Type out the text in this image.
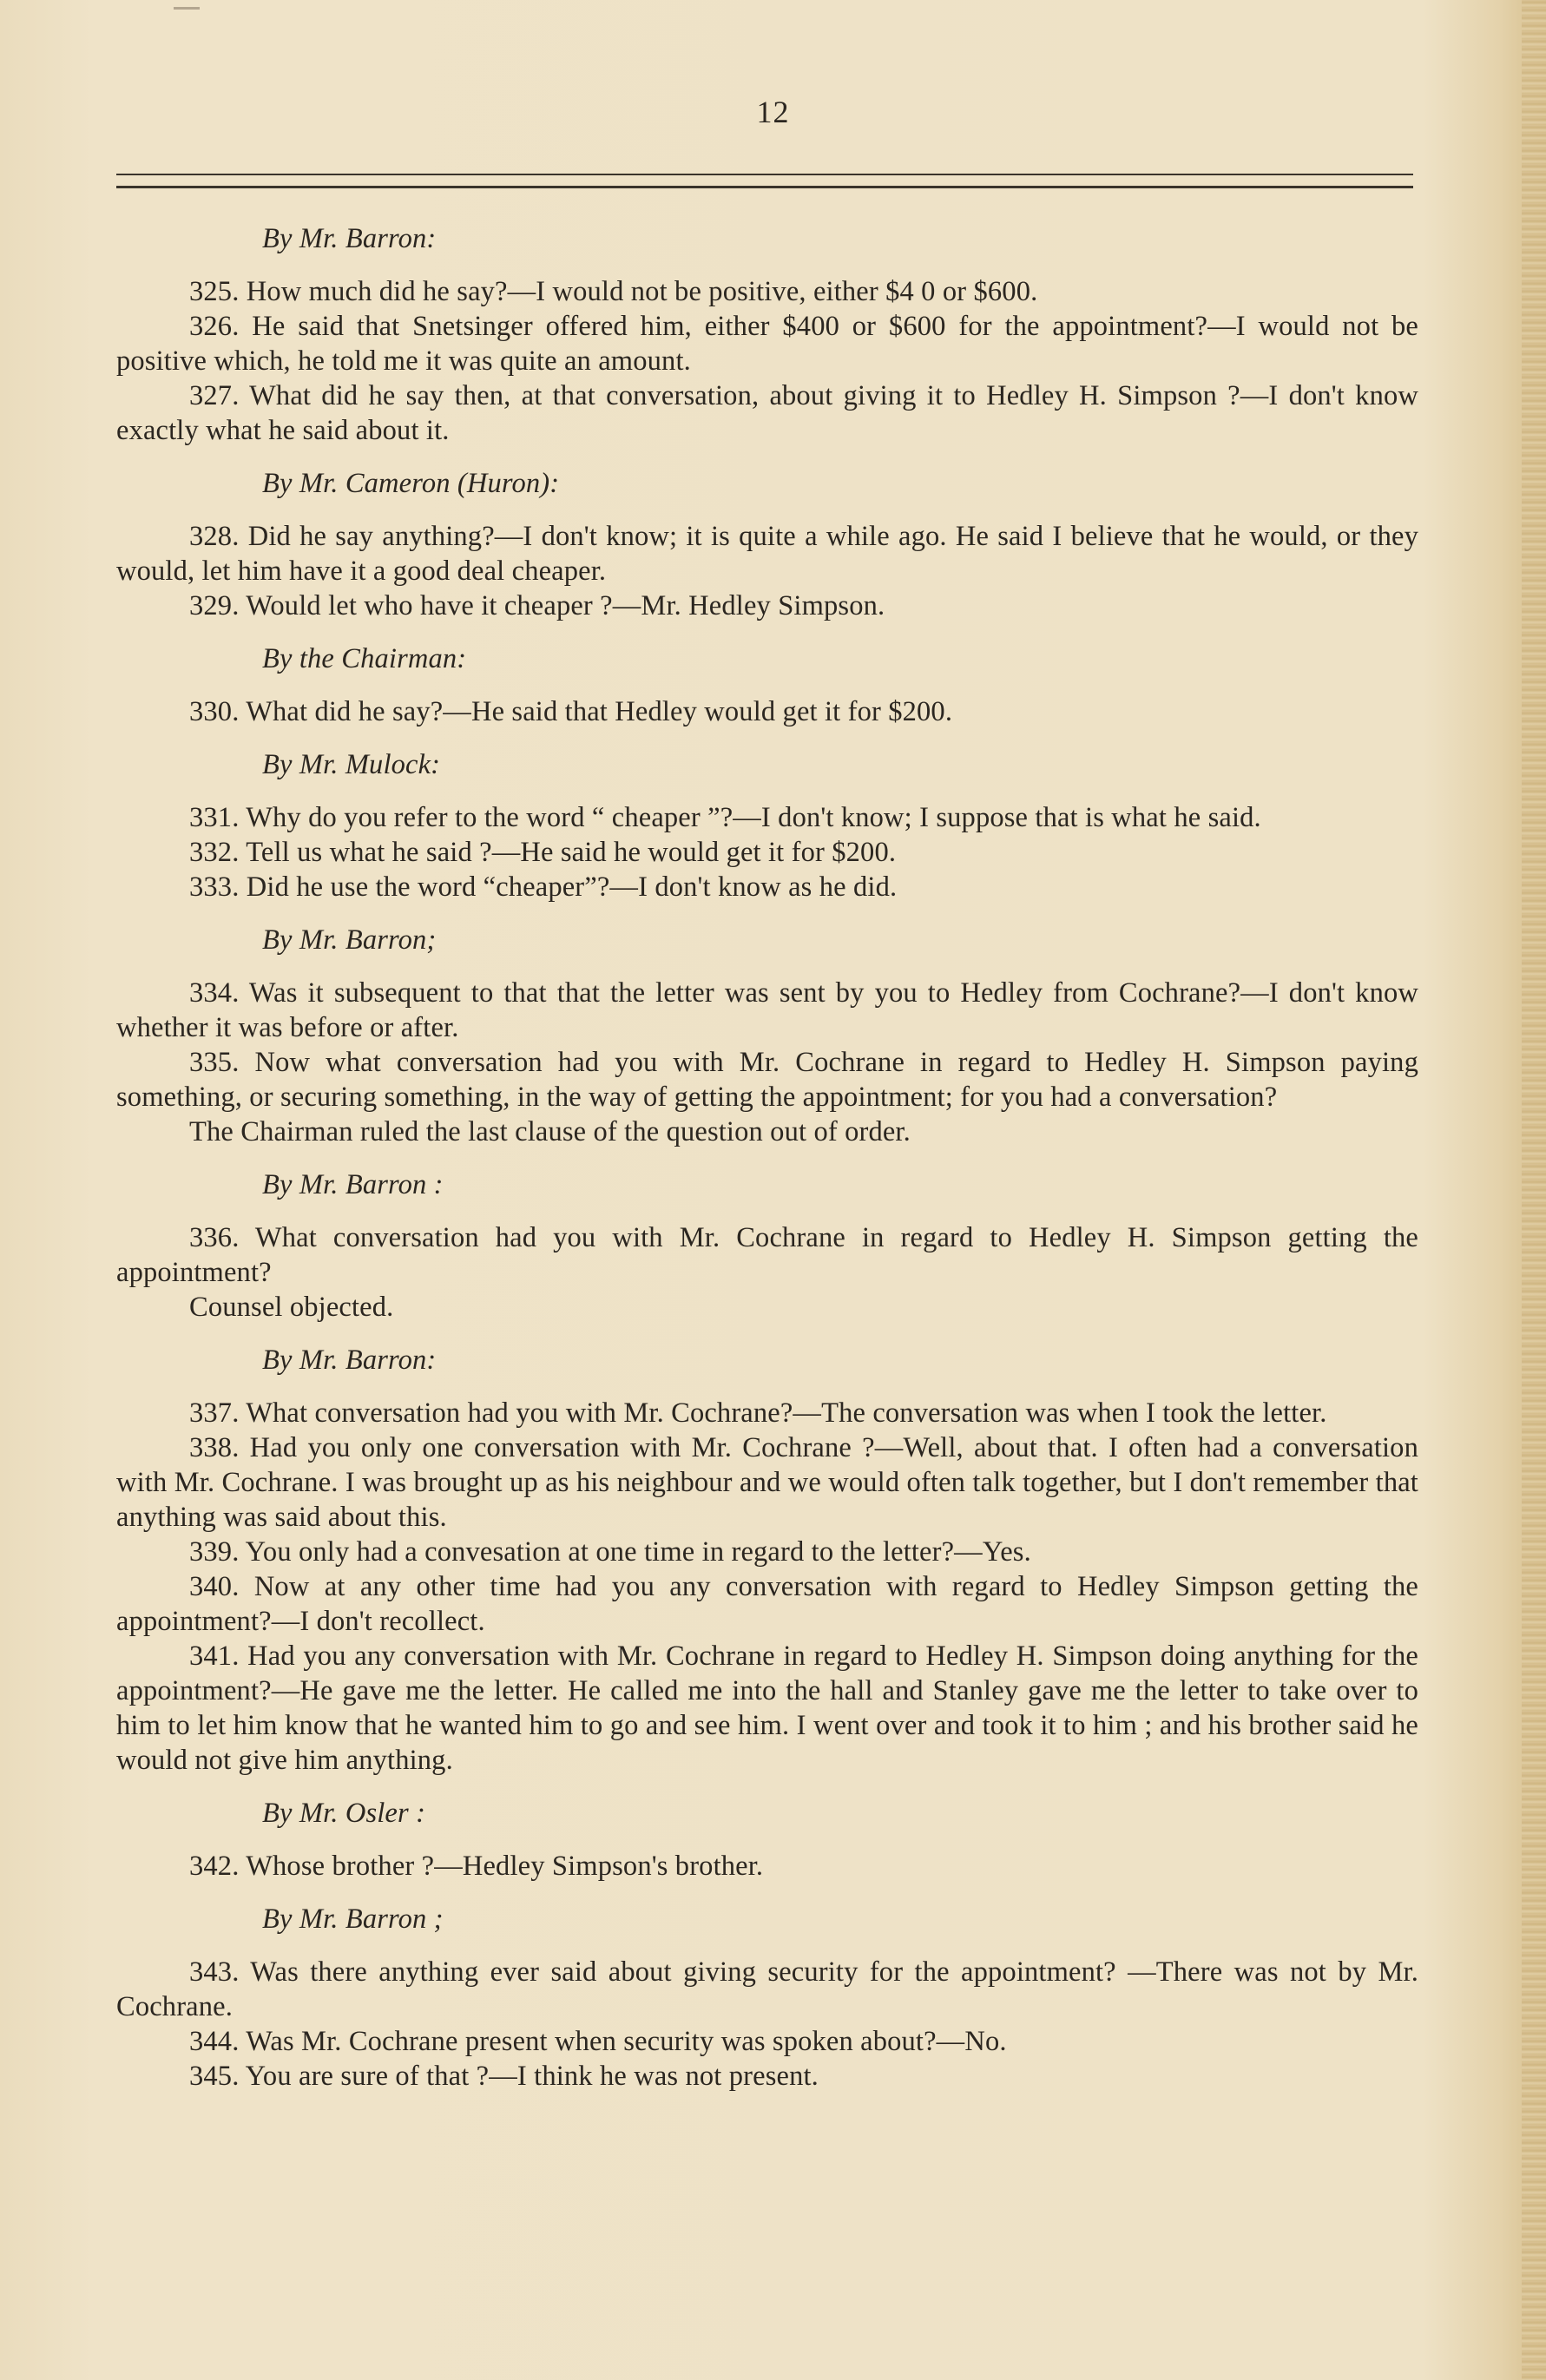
12
By Mr. Barron:

325. How much did he say?—I would not be positive, either $4 0 or $600.

326. He said that Snetsinger offered him, either $400 or $600 for the appointment?—I would not be positive which, he told me it was quite an amount.

327. What did he say then, at that conversation, about giving it to Hedley H. Simpson ?—I don't know exactly what he said about it.

By Mr. Cameron (Huron):

328. Did he say anything?—I don't know; it is quite a while ago. He said I believe that he would, or they would, let him have it a good deal cheaper.

329. Would let who have it cheaper ?—Mr. Hedley Simpson.

By the Chairman:

330. What did he say?—He said that Hedley would get it for $200.

By Mr. Mulock:

331. Why do you refer to the word “ cheaper ”?—I don't know; I suppose that is what he said.

332. Tell us what he said ?—He said he would get it for $200.

333. Did he use the word “cheaper”?—I don't know as he did.

By Mr. Barron;

334. Was it subsequent to that that the letter was sent by you to Hedley from Cochrane?—I don't know whether it was before or after.

335. Now what conversation had you with Mr. Cochrane in regard to Hedley H. Simpson paying something, or securing something, in the way of getting the appointment; for you had a conversation?

The Chairman ruled the last clause of the question out of order.

By Mr. Barron :

336. What conversation had you with Mr. Cochrane in regard to Hedley H. Simpson getting the appointment?

Counsel objected.

By Mr. Barron:

337. What conversation had you with Mr. Cochrane?—The conversation was when I took the letter.

338. Had you only one conversation with Mr. Cochrane ?—Well, about that. I often had a conversation with Mr. Cochrane. I was brought up as his neighbour and we would often talk together, but I don't remember that anything was said about this.

339. You only had a convesation at one time in regard to the letter?—Yes.

340. Now at any other time had you any conversation with regard to Hedley Simpson getting the appointment?—I don't recollect.

341. Had you any conversation with Mr. Cochrane in regard to Hedley H. Simpson doing anything for the appointment?—He gave me the letter. He called me into the hall and Stanley gave me the letter to take over to him to let him know that he wanted him to go and see him. I went over and took it to him ; and his brother said he would not give him anything.

By Mr. Osler :

342. Whose brother ?—Hedley Simpson's brother.

By Mr. Barron ;

343. Was there anything ever said about giving security for the appointment? —There was not by Mr. Cochrane.

344. Was Mr. Cochrane present when security was spoken about?—No.

345. You are sure of that ?—I think he was not present.
